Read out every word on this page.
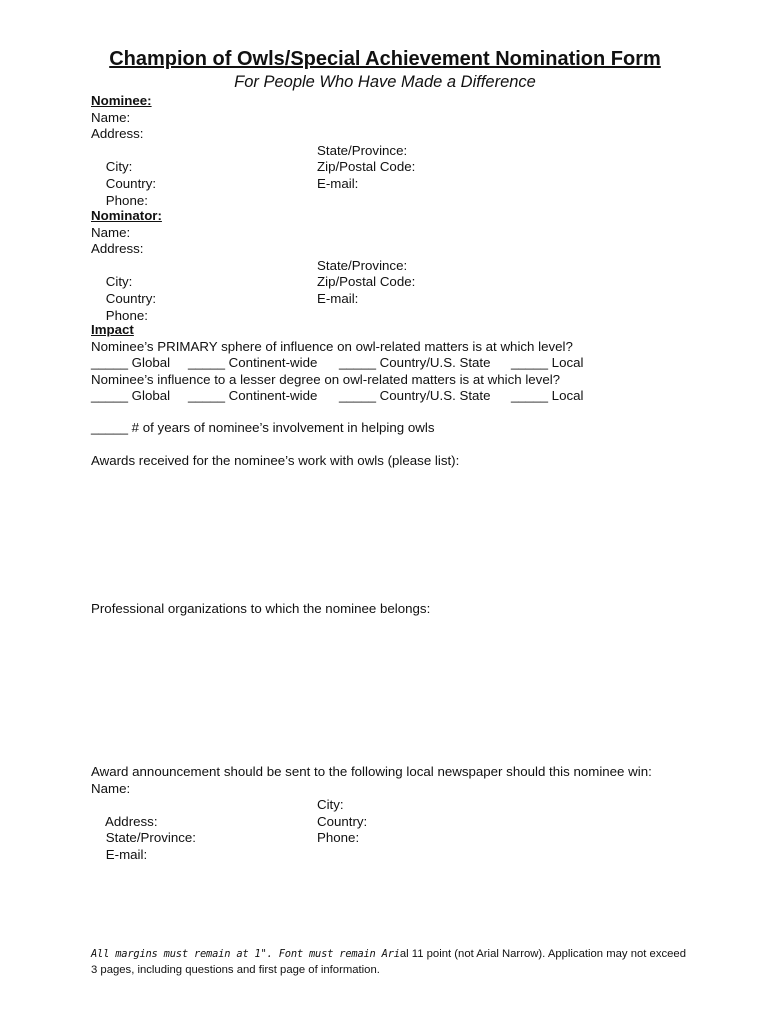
Champion of Owls/Special Achievement Nomination Form
For People Who Have Made a Difference
Nominee:
Name:
Address:

City:

State/Province:

Country:

Zip/Postal Code:

Phone:

E-mail:

Nominator:
Name:
Address:

City:

State/Province:

Country:

Zip/Postal Code:

Phone:

E-mail:

Impact
Nominee’s PRIMARY sphere of influence on owl-related matters is at which level?

_____ Global

_____ Continent-wide

_____ Country/U.S. State

_____ Local

Nominee’s influence to a lesser degree on owl-related matters is at which level?

_____ Global

_____ Continent-wide

_____ Country/U.S. State

_____ Local

_____ # of years of nominee’s involvement in helping owls
Awards received for the nominee’s work with owls (please list):
Professional organizations to which the nominee belongs:
Award announcement should be sent to the following local newspaper should this nominee win:
Name:

Address:

City:

State/Province:

Country:

E-mail:

Phone:

All margins must remain at 1". Font must remain Arial 11 point (not Arial Narrow). Application may not exceed 3 pages, including questions and first page of information.
